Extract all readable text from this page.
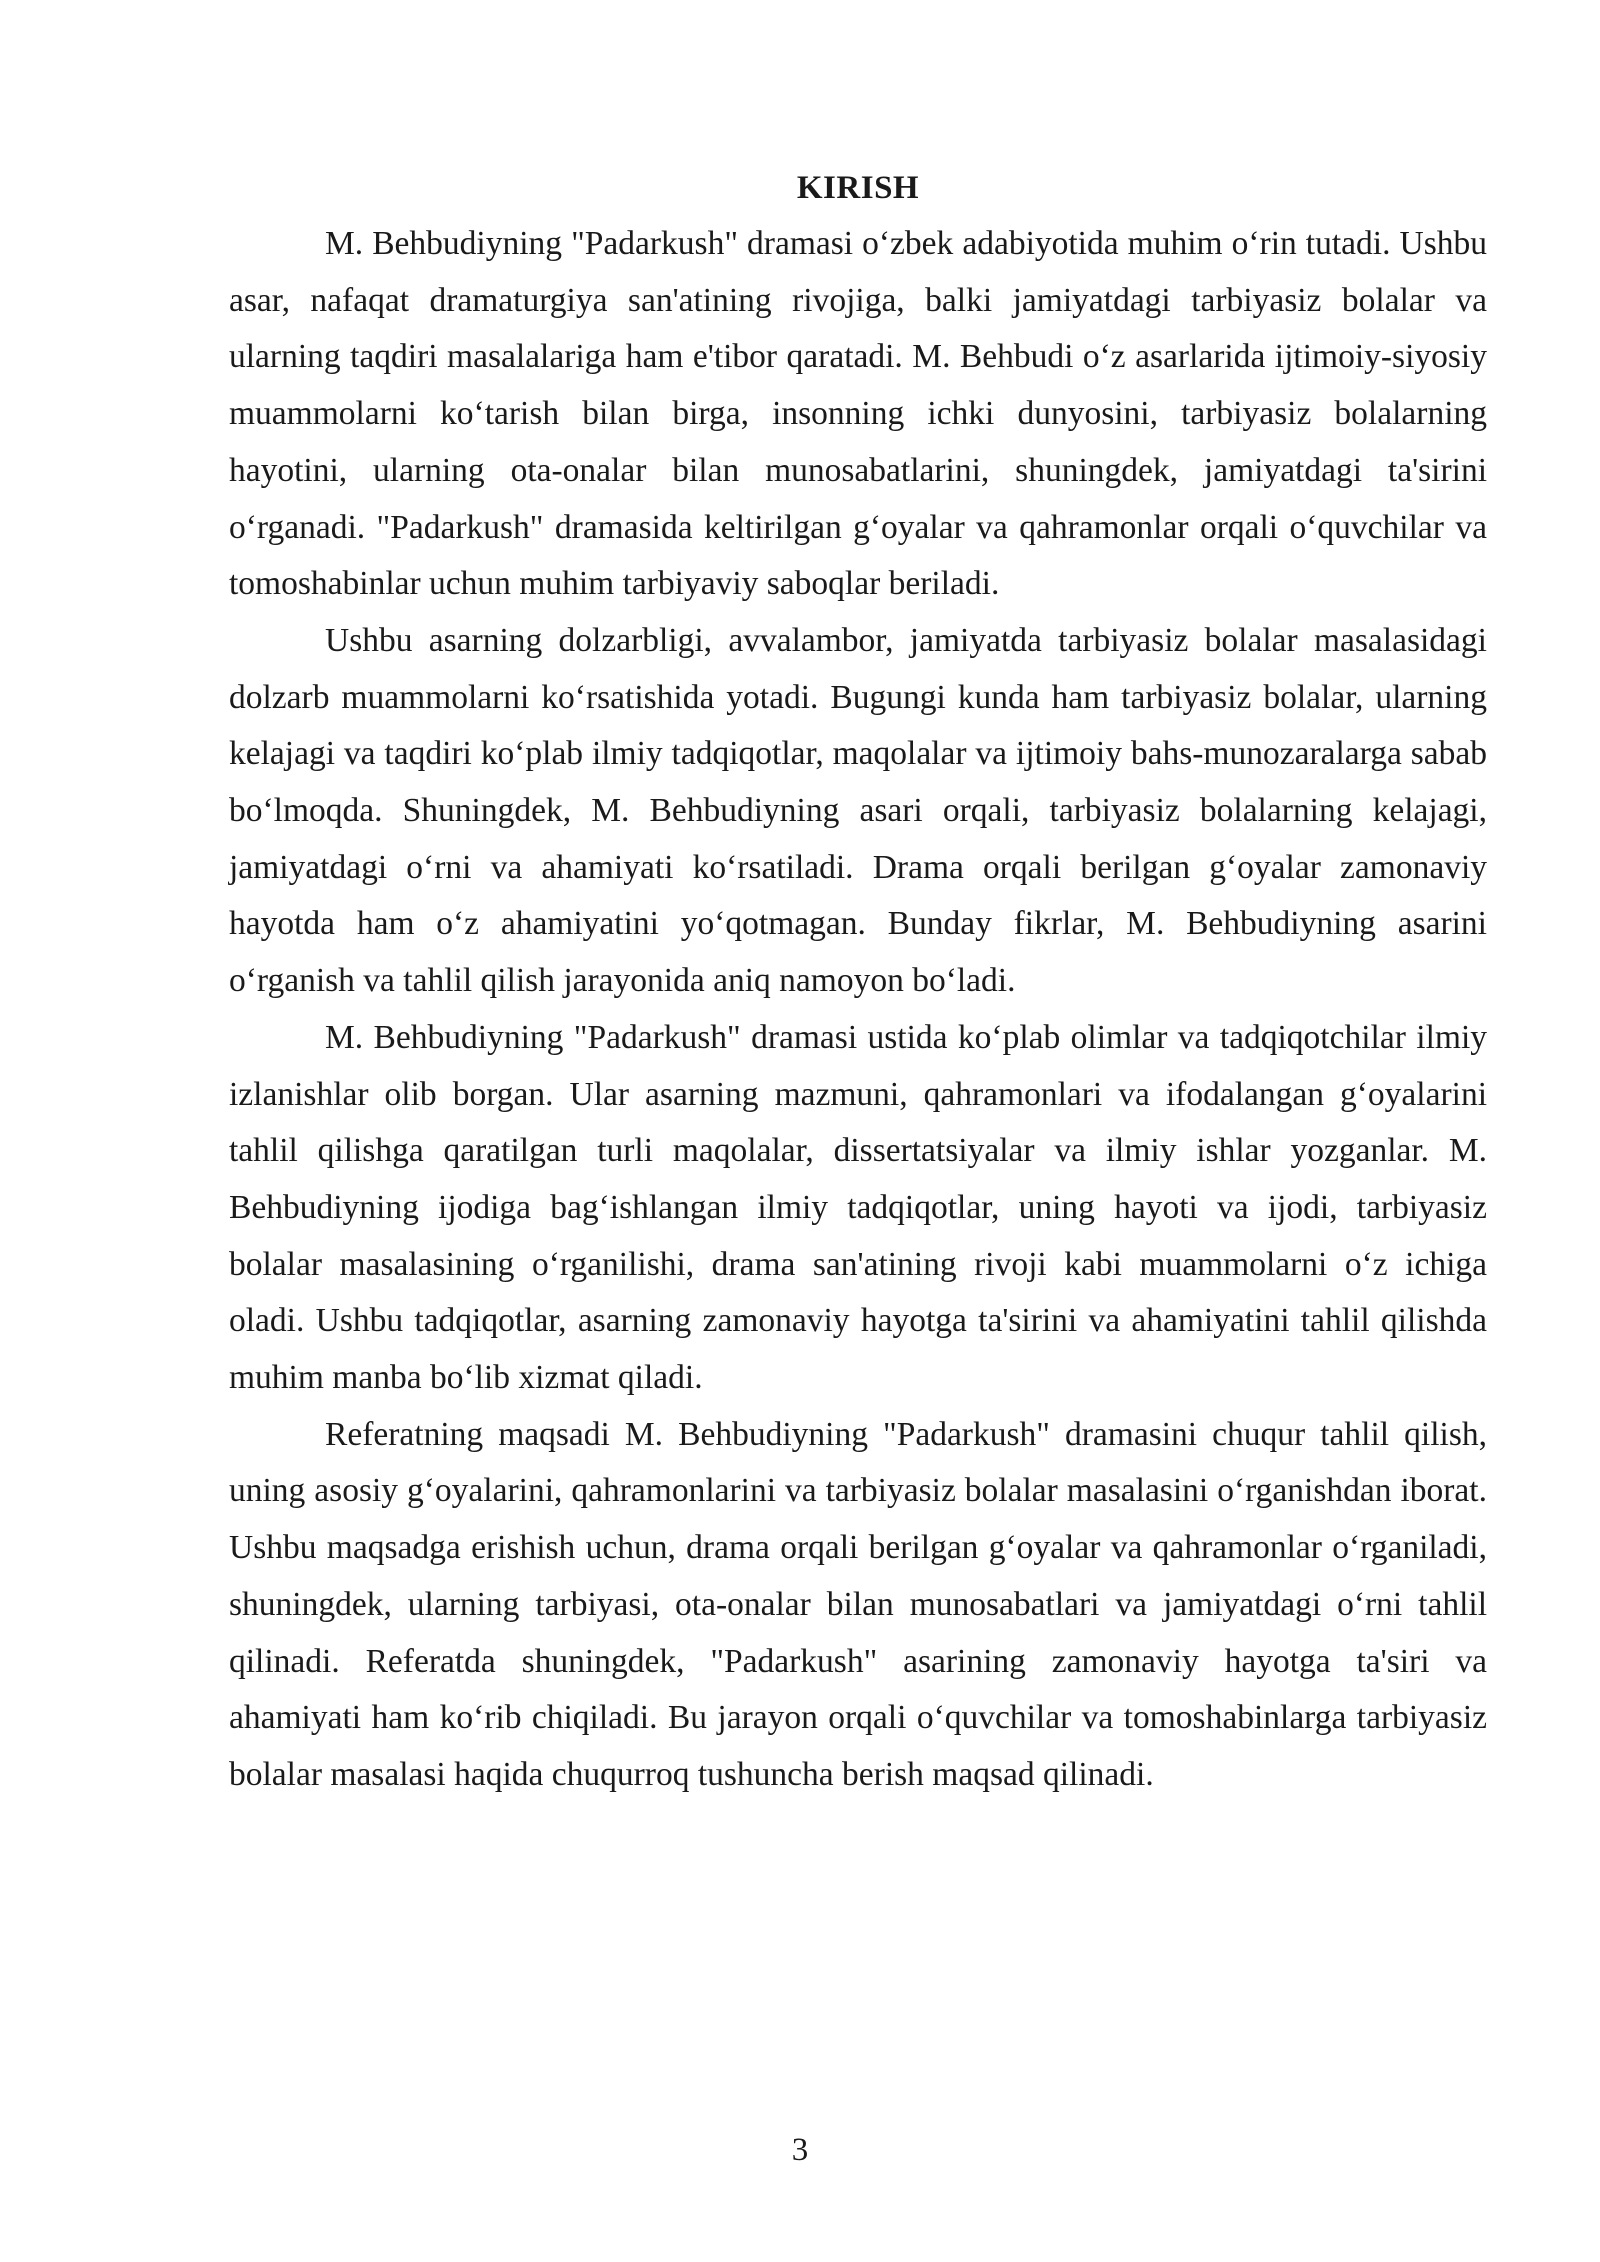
KIRISH

M. Behbudiyning "Padarkush" dramasi oʻzbek adabiyotida muhim oʻrin tutadi. Ushbu asar, nafaqat dramaturgiya san'atining rivojiga, balki jamiyatdagi tarbiyasiz bolalar va ularning taqdiri masalalariga ham e'tibor qaratadi. M. Behbudi oʻz asarlarida ijtimoiy-siyosiy muammolarni koʻtarish bilan birga, insonning ichki dunyosini, tarbiyasiz bolalarning hayotini, ularning ota-onalar bilan munosabatlarini, shuningdek, jamiyatdagi ta'sirini oʻrganadi. "Padarkush" dramasida keltirilgan gʻoyalar va qahramonlar orqali oʻquvchilar va tomoshabinlar uchun muhim tarbiyaviy saboqlar beriladi.

Ushbu asarning dolzarbligi, avvalambor, jamiyatda tarbiyasiz bolalar masalasidagi dolzarb muammolarni koʻrsatishida yotadi. Bugungi kunda ham tarbiyasiz bolalar, ularning kelajagi va taqdiri koʻplab ilmiy tadqiqotlar, maqolalar va ijtimoiy bahs-munozaralarga sabab boʻlmoqda. Shuningdek, M. Behbudiyning asari orqali, tarbiyasiz bolalarning kelajagi, jamiyatdagi oʻrni va ahamiyati koʻrsatiladi. Drama orqali berilgan gʻoyalar zamonaviy hayotda ham oʻz ahamiyatini yoʻqotmagan. Bunday fikrlar, M. Behbudiyning asarini oʻrganish va tahlil qilish jarayonida aniq namoyon boʻladi.

M. Behbudiyning "Padarkush" dramasi ustida koʻplab olimlar va tadqiqotchilar ilmiy izlanishlar olib borgan. Ular asarning mazmuni, qahramonlari va ifodalangan gʻoyalarini tahlil qilishga qaratilgan turli maqolalar, dissertatsiyalar va ilmiy ishlar yozganlar. M. Behbudiyning ijodiga bagʻishlangan ilmiy tadqiqotlar, uning hayoti va ijodi, tarbiyasiz bolalar masalasining oʻrganilishi, drama san'atining rivoji kabi muammolarni oʻz ichiga oladi. Ushbu tadqiqotlar, asarning zamonaviy hayotga ta'sirini va ahamiyatini tahlil qilishda muhim manba boʻlib xizmat qiladi.

Referatning maqsadi M. Behbudiyning "Padarkush" dramasini chuqur tahlil qilish, uning asosiy gʻoyalarini, qahramonlarini va tarbiyasiz bolalar masalasini oʻrganishdan iborat. Ushbu maqsadga erishish uchun, drama orqali berilgan gʻoyalar va qahramonlar oʻrganiladi, shuningdek, ularning tarbiyasi, ota-onalar bilan munosabatlari va jamiyatdagi oʻrni tahlil qilinadi. Referatda shuningdek, "Padarkush" asarining zamonaviy hayotga ta'siri va ahamiyati ham koʻrib chiqiladi. Bu jarayon orqali oʻquvchilar va tomoshabinlarga tarbiyasiz bolalar masalasi haqida chuqurroq tushuncha berish maqsad qilinadi.

3
